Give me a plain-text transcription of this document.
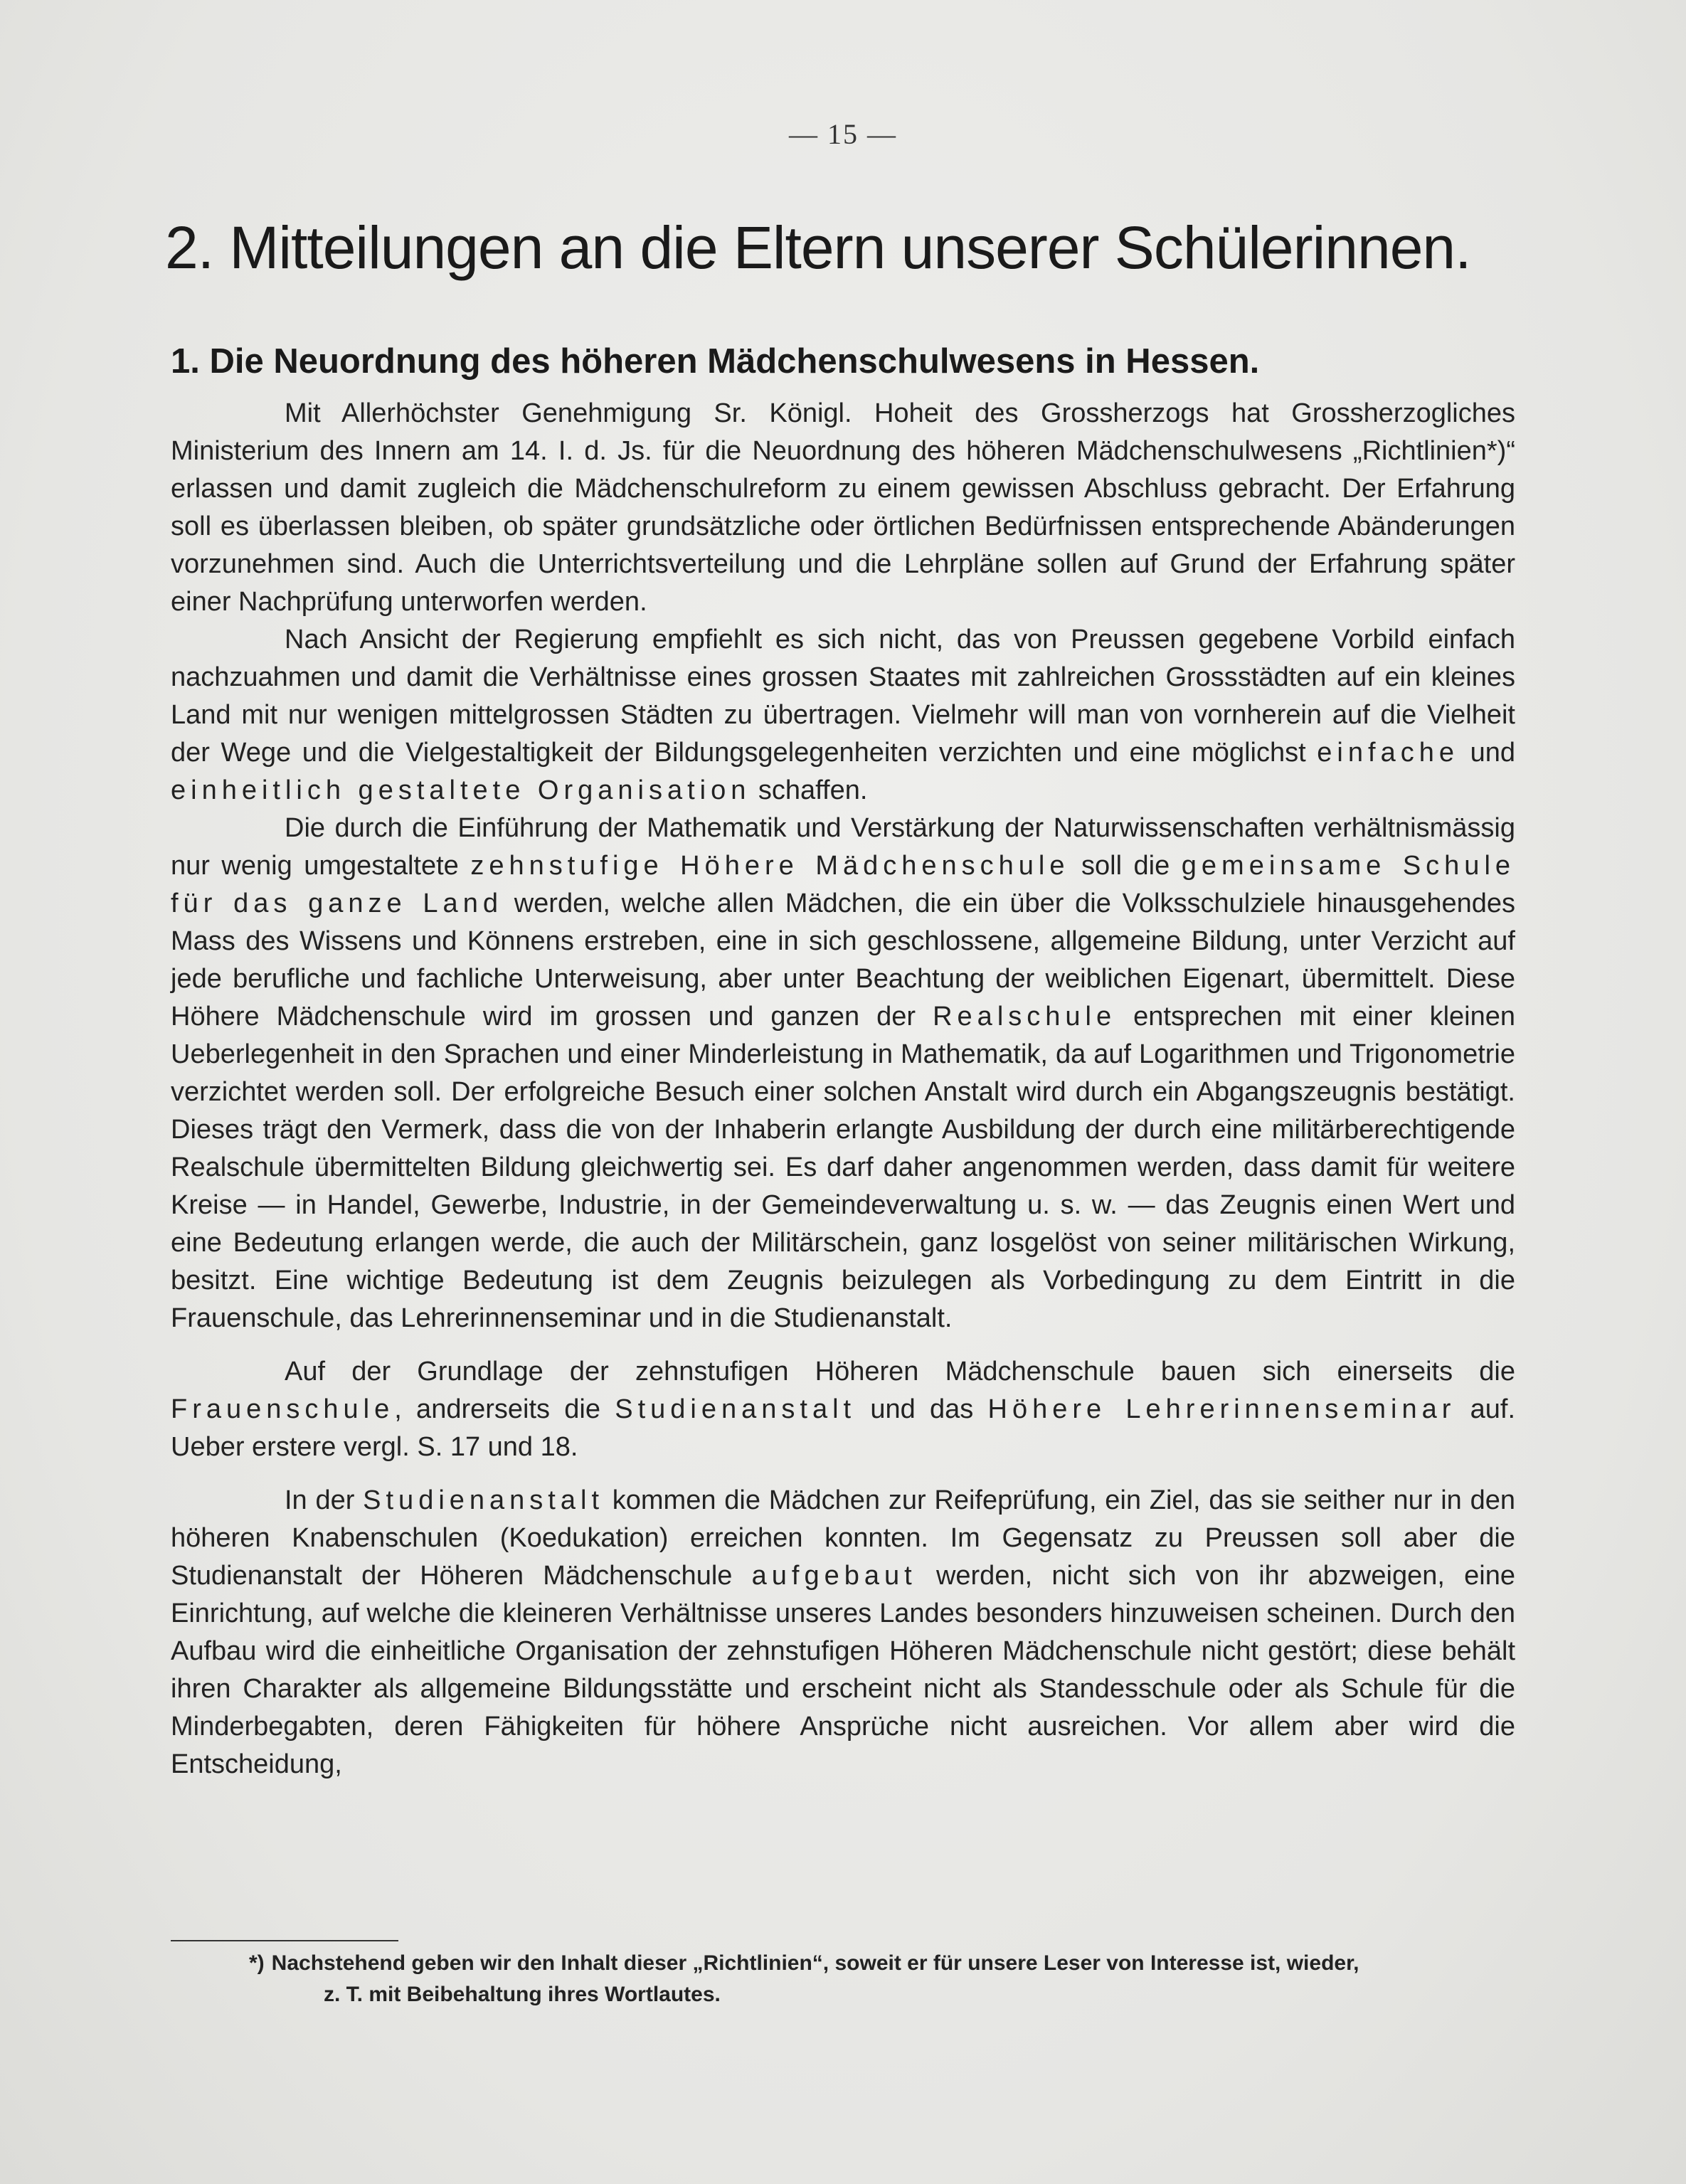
— 15 —
2. Mitteilungen an die Eltern unserer Schülerinnen.
1. Die Neuordnung des höheren Mädchenschulwesens in Hessen.

Mit Allerhöchster Genehmigung Sr. Königl. Hoheit des Grossherzogs hat Grossherzogliches Ministerium des Innern am 14. I. d. Js. für die Neuordnung des höheren Mädchenschulwesens „Richtlinien*)“ erlassen und damit zugleich die Mädchenschulreform zu einem gewissen Abschluss gebracht. Der Erfahrung soll es überlassen bleiben, ob später grundsätzliche oder örtlichen Bedürfnissen entsprechende Abänderungen vorzunehmen sind. Auch die Unterrichtsverteilung und die Lehrpläne sollen auf Grund der Erfahrung später einer Nachprüfung unterworfen werden.

Nach Ansicht der Regierung empfiehlt es sich nicht, das von Preussen gegebene Vorbild einfach nachzuahmen und damit die Verhältnisse eines grossen Staates mit zahlreichen Grossstädten auf ein kleines Land mit nur wenigen mittelgrossen Städten zu übertragen. Vielmehr will man von vornherein auf die Vielheit der Wege und die Vielgestaltigkeit der Bildungsgelegenheiten verzichten und eine möglichst einfache und einheitlich gestaltete Organisation schaffen.

Die durch die Einführung der Mathematik und Verstärkung der Naturwissenschaften verhältnismässig nur wenig umgestaltete zehnstufige Höhere Mädchenschule soll die gemeinsame Schule für das ganze Land werden, welche allen Mädchen, die ein über die Volksschulziele hinausgehendes Mass des Wissens und Könnens erstreben, eine in sich geschlossene, allgemeine Bildung, unter Verzicht auf jede berufliche und fachliche Unterweisung, aber unter Beachtung der weiblichen Eigenart, übermittelt. Diese Höhere Mädchenschule wird im grossen und ganzen der Realschule entsprechen mit einer kleinen Ueberlegenheit in den Sprachen und einer Minderleistung in Mathematik, da auf Logarithmen und Trigonometrie verzichtet werden soll. Der erfolgreiche Besuch einer solchen Anstalt wird durch ein Abgangszeugnis bestätigt. Dieses trägt den Vermerk, dass die von der Inhaberin erlangte Ausbildung der durch eine militärberechtigende Realschule übermittelten Bildung gleichwertig sei. Es darf daher angenommen werden, dass damit für weitere Kreise — in Handel, Gewerbe, Industrie, in der Gemeindeverwaltung u. s. w. — das Zeugnis einen Wert und eine Bedeutung erlangen werde, die auch der Militärschein, ganz losgelöst von seiner militärischen Wirkung, besitzt. Eine wichtige Bedeutung ist dem Zeugnis beizulegen als Vorbedingung zu dem Eintritt in die Frauenschule, das Lehrerinnenseminar und in die Studienanstalt.

Auf der Grundlage der zehnstufigen Höheren Mädchenschule bauen sich einerseits die Frauenschule, andrerseits die Studienanstalt und das Höhere Lehrerinnenseminar auf. Ueber erstere vergl. S. 17 und 18.

In der Studienanstalt kommen die Mädchen zur Reifeprüfung, ein Ziel, das sie seither nur in den höheren Knabenschulen (Koedukation) erreichen konnten. Im Gegensatz zu Preussen soll aber die Studienanstalt der Höheren Mädchenschule aufgebaut werden, nicht sich von ihr abzweigen, eine Einrichtung, auf welche die kleineren Verhältnisse unseres Landes besonders hinzuweisen scheinen. Durch den Aufbau wird die einheitliche Organisation der zehnstufigen Höheren Mädchenschule nicht gestört; diese behält ihren Charakter als allgemeine Bildungsstätte und erscheint nicht als Standesschule oder als Schule für die Minderbegabten, deren Fähigkeiten für höhere Ansprüche nicht ausreichen. Vor allem aber wird die Entscheidung,

*) Nachstehend geben wir den Inhalt dieser „Richtlinien“, soweit er für unsere Leser von Interesse ist, wieder,
z. T. mit Beibehaltung ihres Wortlautes.
